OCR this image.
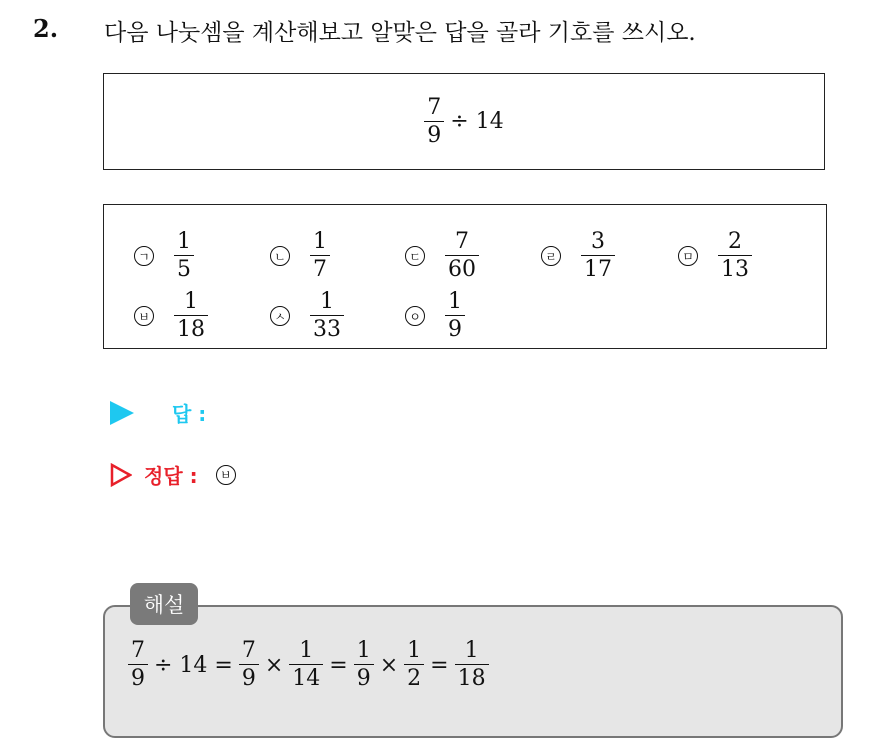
2. 다음 나눗셈을 계산해보고 알맞은 답을 골라 기호를 쓰시오.
$\frac{7}{9} \div 14$
ㄱ $\frac{1}{5}$	ㄴ $\frac{1}{7}$	ㄷ $\frac{7}{60}$	ㄹ $\frac{3}{17}$	ㅁ $\frac{2}{13}$
ㅂ $\frac{1}{18}$	ㅅ $\frac{1}{33}$	ㅇ $\frac{1}{9}$
답 :
정답 :	ㅂ
해설
$\frac{7}{9} \div 14 = \frac{7}{9} \times \frac{1}{14} = \frac{1}{9} \times \frac{1}{2} = \frac{1}{18}$
